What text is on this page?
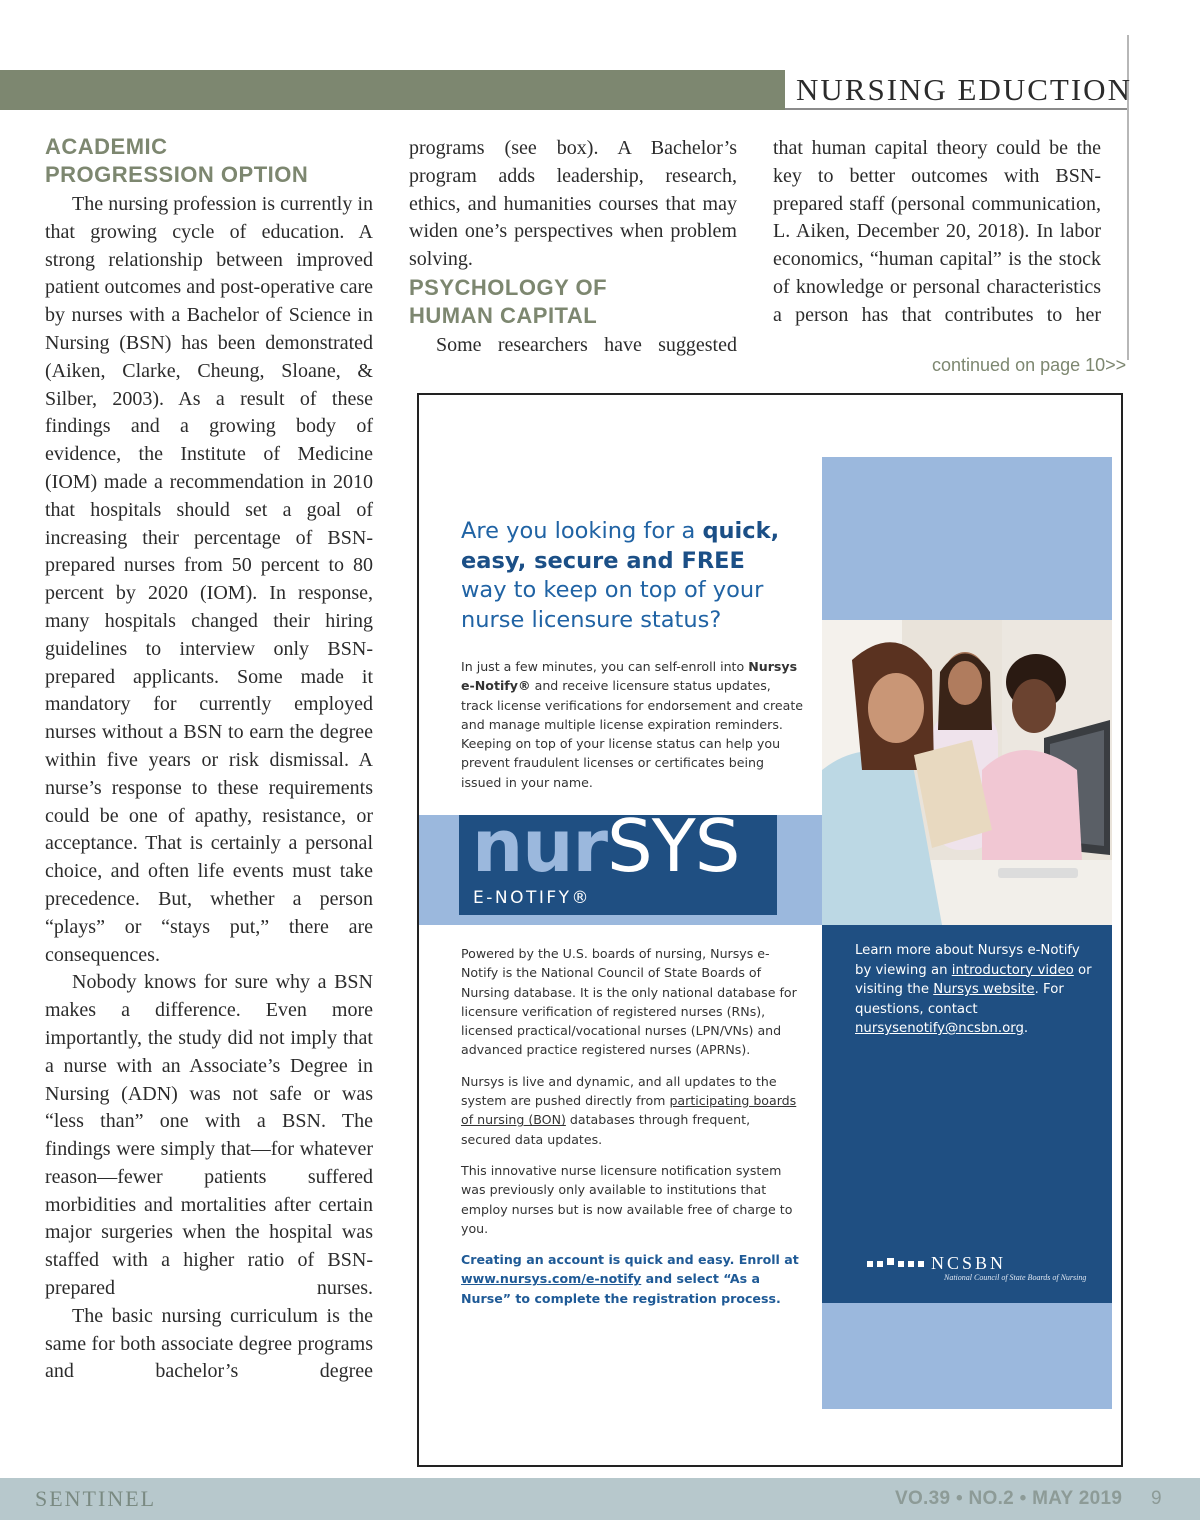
NURSING EDUCTION
ACADEMIC PROGRESSION OPTION
The nursing profession is currently in that growing cycle of education. A strong relationship between improved patient outcomes and post-operative care by nurses with a Bachelor of Science in Nursing (BSN) has been demonstrated (Aiken, Clarke, Cheung, Sloane, & Silber, 2003). As a result of these findings and a growing body of evidence, the Institute of Medicine (IOM) made a recommendation in 2010 that hospitals should set a goal of increasing their percentage of BSN-prepared nurses from 50 percent to 80 percent by 2020 (IOM). In response, many hospitals changed their hiring guidelines to interview only BSN-prepared applicants. Some made it mandatory for currently employed nurses without a BSN to earn the degree within five years or risk dismissal. A nurse’s response to these requirements could be one of apathy, resistance, or acceptance. That is certainly a personal choice, and often life events must take precedence. But, whether a person “plays” or “stays put,” there are consequences.
Nobody knows for sure why a BSN makes a difference. Even more importantly, the study did not imply that a nurse with an Associate’s Degree in Nursing (ADN) was not safe or was “less than” one with a BSN. The findings were simply that—for whatever reason—fewer patients suffered morbidities and mortalities after certain major surgeries when the hospital was staffed with a higher ratio of BSN-prepared nurses.
The basic nursing curriculum is the same for both associate degree programs and bachelor’s degree
programs (see box). A Bachelor’s program adds leadership, research, ethics, and humanities courses that may widen one’s perspectives when problem solving.
PSYCHOLOGY OF HUMAN CAPITAL
Some researchers have suggested
that human capital theory could be the key to better outcomes with BSN-prepared staff (personal communication, L. Aiken, December 20, 2018). In labor economics, “human capital” is the stock of knowledge or personal characteristics a person has that contributes to her
continued on page 10>>
Are you looking for a quick,
easy, secure and FREE
way to keep on top of your nurse licensure status?
In just a few minutes, you can self-enroll into Nursys e-Notify® and receive licensure status updates, track license verifications for endorsement and create and manage multiple license expiration reminders. Keeping on top of your license status can help you prevent fraudulent licenses or certificates being issued in your name.
nurSYS
E-NOTIFY®

Powered by the U.S. boards of nursing, Nursys e-Notify is the National Council of State Boards of Nursing database. It is the only national database for licensure verification of registered nurses (RNs), licensed practical/vocational nurses (LPN/VNs) and advanced practice registered nurses (APRNs).

Nursys is live and dynamic, and all updates to the system are pushed directly from participating boards of nursing (BON) databases through frequent, secured data updates.

This innovative nurse licensure notification system was previously only available to institutions that employ nurses but is now available free of charge to you.

Creating an account is quick and easy. Enroll at www.nursys.com/e-notify and select “As a Nurse” to complete the registration process.

Learn more about Nursys e-Notify by viewing an introductory video or visiting the Nursys website. For questions, contact nursysenotify@ncsbn.org.
NCSBN
National Council of State Boards of Nursing
SENTINEL	VO.39 • NO.2 • MAY 2019 9
